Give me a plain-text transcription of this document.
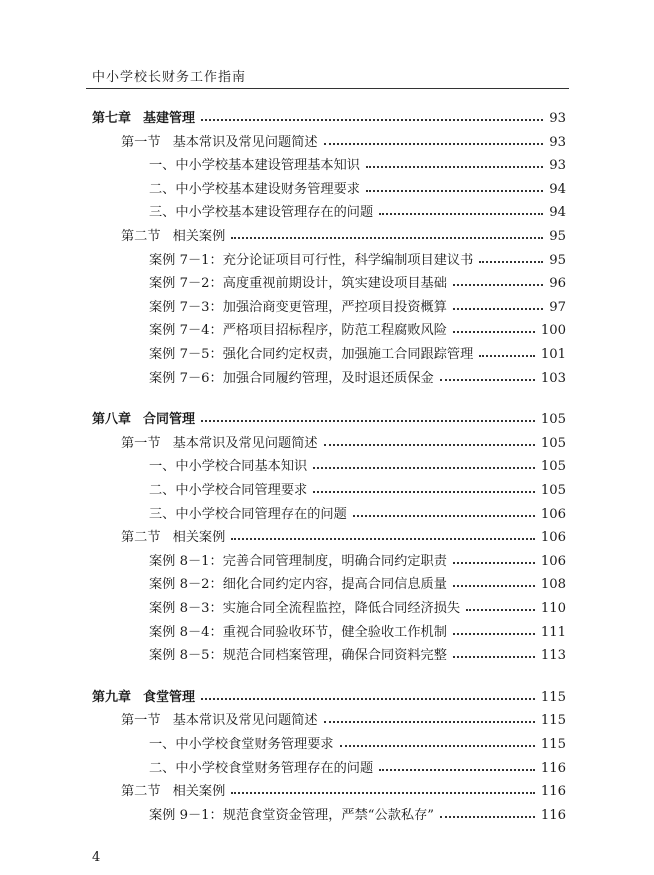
中小学校长财务工作指南
第七章 基建管理	93
第一节 基本常识及常见问题简述	93
一、中小学校基本建设管理基本知识	93
二、中小学校基本建设财务管理要求	94
三、中小学校基本建设管理存在的问题	94
第二节 相关案例	95
案例 7－1：充分论证项目可行性，科学编制项目建议书	95
案例 7－2：高度重视前期设计，筑实建设项目基础	96
案例 7－3：加强洽商变更管理，严控项目投资概算	97
案例 7－4：严格项目招标程序，防范工程腐败风险	100
案例 7－5：强化合同约定权责，加强施工合同跟踪管理	101
案例 7－6：加强合同履约管理，及时退还质保金	103
第八章 合同管理	105
第一节 基本常识及常见问题简述	105
一、中小学校合同基本知识	105
二、中小学校合同管理要求	105
三、中小学校合同管理存在的问题	106
第二节 相关案例	106
案例 8－1：完善合同管理制度，明确合同约定职责	106
案例 8－2：细化合同约定内容，提高合同信息质量	108
案例 8－3：实施合同全流程监控，降低合同经济损失	110
案例 8－4：重视合同验收环节，健全验收工作机制	111
案例 8－5：规范合同档案管理，确保合同资料完整	113
第九章 食堂管理	115
第一节 基本常识及常见问题简述	115
一、中小学校食堂财务管理要求	115
二、中小学校食堂财务管理存在的问题	116
第二节 相关案例	116
案例 9－1：规范食堂资金管理，严禁“公款私存”	116
4
